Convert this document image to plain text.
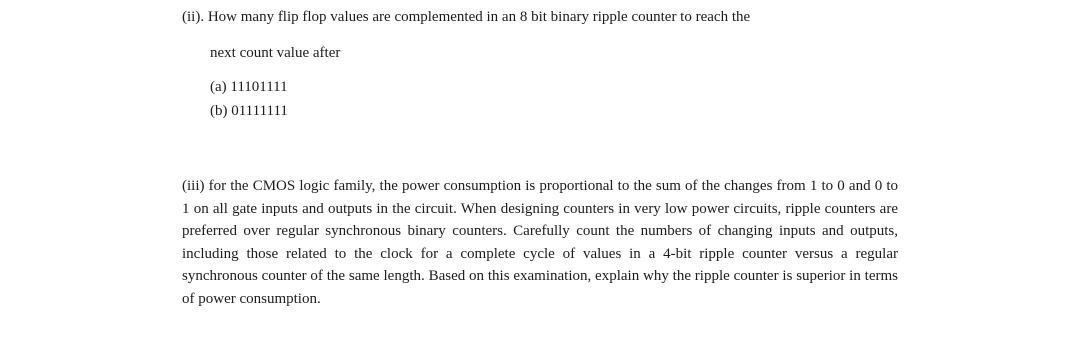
(ii). How many flip flop values are complemented in an 8 bit binary ripple counter to reach the
next count value after
(a) 11101111
(b) 01111111

(iii) for the CMOS logic family, the power consumption is proportional to the sum of the changes from 1 to 0 and 0 to 1 on all gate inputs and outputs in the circuit. When designing counters in very low power circuits, ripple counters are preferred over regular synchronous binary counters. Carefully count the numbers of changing inputs and outputs, including those related to the clock for a complete cycle of values in a 4-bit ripple counter versus a regular synchronous counter of the same length. Based on this examination, explain why the ripple counter is superior in terms of power consumption.
